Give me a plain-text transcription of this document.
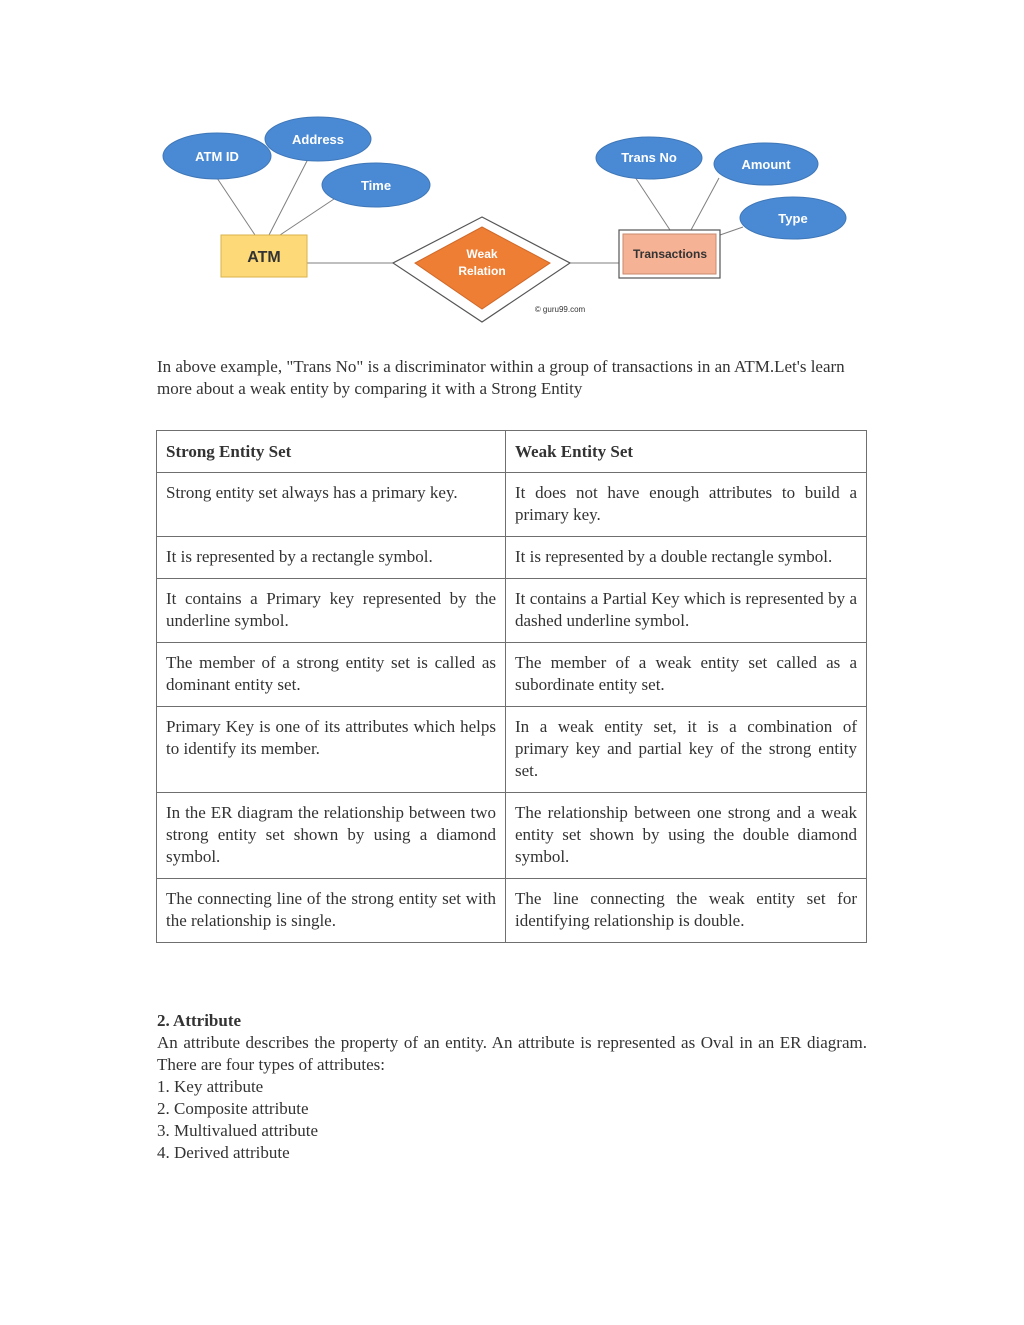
ATM ID
Address
Time
ATM	Weak
Relation
Transactions
Trans No	Amount
Type
© guru99.com

In above example, "Trans No" is a discriminator within a group of transactions in an ATM.Let's learn more about a weak entity by comparing it with a Strong Entity

Strong Entity Set	Weak Entity Set
Strong entity set always has a primary key.	It does not have enough attributes to build a primary key.
It is represented by a rectangle symbol.	It is represented by a double rectangle symbol.
It contains a Primary key represented by the underline symbol.	It contains a Partial Key which is represented by a dashed underline symbol.
The member of a strong entity set is called as dominant entity set.	The member of a weak entity set called as a subordinate entity set.
Primary Key is one of its attributes which helps to identify its member.	In a weak entity set, it is a combination of primary key and partial key of the strong entity set.
In the ER diagram the relationship between two strong entity set shown by using a diamond symbol.	The relationship between one strong and a weak entity set shown by using the double diamond symbol.
The connecting line of the strong entity set with the relationship is single.	The line connecting the weak entity set for identifying relationship is double.
2. Attribute

An attribute describes the property of an entity. An attribute is represented as Oval in an ER diagram. There are four types of attributes:

1. Key attribute
2. Composite attribute
3. Multivalued attribute
4. Derived attribute
